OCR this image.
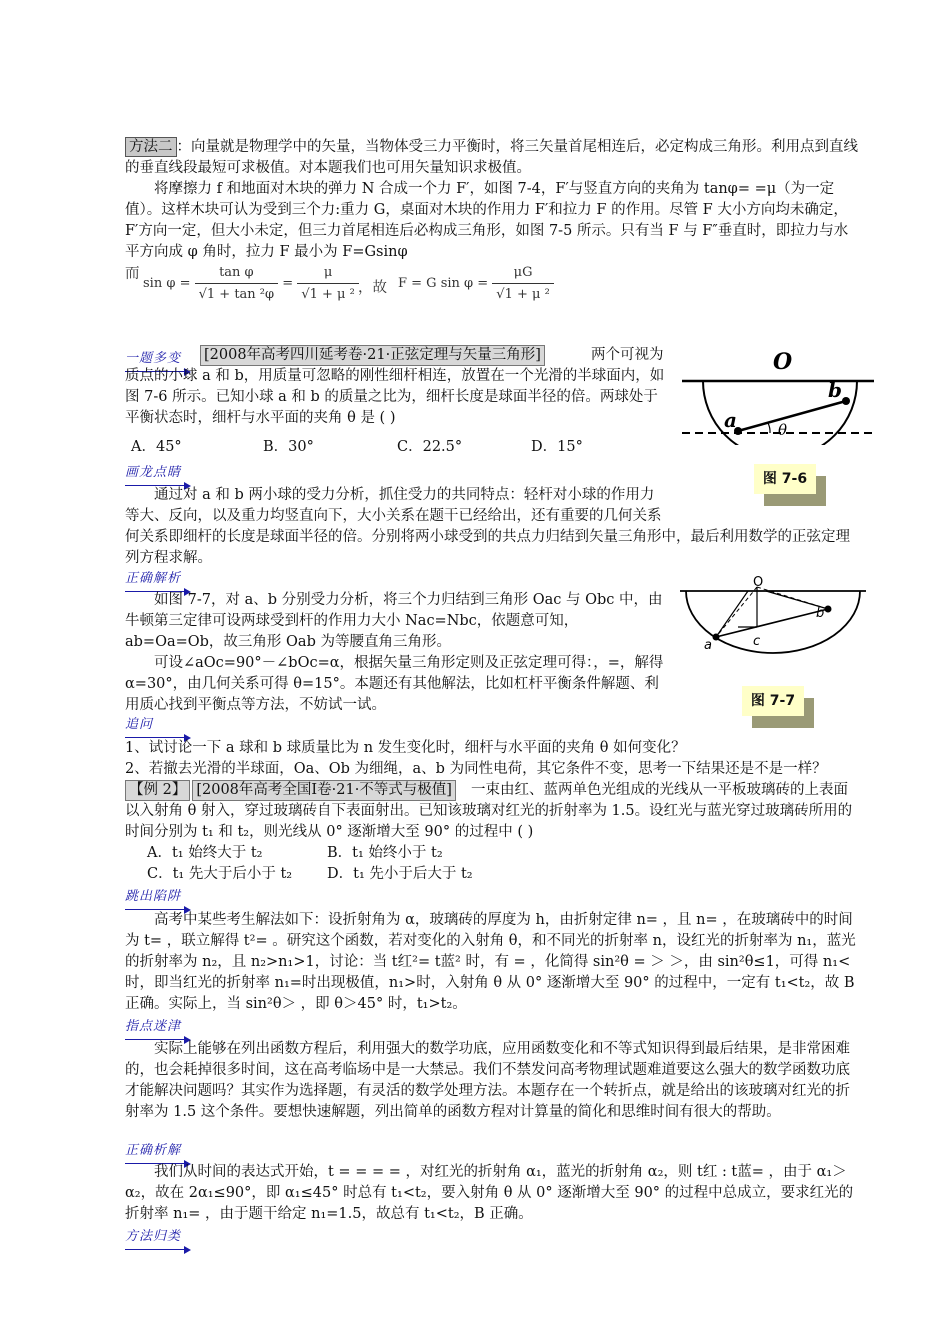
方法二 ：向量就是物理学中的矢量，当物体受三力平衡时，将三矢量首尾相连后，必定构成三角形。利用点到直线的垂直线段最短可求极值。对本题我们也可用矢量知识求极值。
将摩擦力 f 和地面对木块的弹力 N 合成一个力 F′，如图 7-4，F′与竖直方向的夹角为 tanφ= =μ（为一定值）。这样木块可认为受到三个力:重力 G，桌面对木块的作用力 F′和拉力 F 的作用。尽管 F 大小方向均未确定，F′方向一定，但大小未定，但三力首尾相连后必构成三角形，如图 7-5 所示。只有当 F 与 F″垂直时，即拉力与水平方向成 φ 角时，拉力 F 最小为 F=Gsinφ
而
$\sin \varphi = \frac{\text{tan φ}}{\text{√1 + tan ²φ}} = \frac{\mu}{\text{√1 + μ ²}}$ ，故 F = G $\sin \varphi = \frac{\mu G}{\text{√1 + μ ²}}$
一题多变	[2008年高考四川延考卷·21·正弦定理与矢量三角形]	两个可视为质点的小球 a 和 b，用质量可忽略的刚性细杆相连，放置在一个光滑的半球面内，如图 7-6 所示。已知小球 a 和 b 的质量之比为，细杆长度是球面半径的倍。两球处于平衡状态时，细杆与水平面的夹角 θ 是 ( )
A．45°	B．30°	C．22.5°	D．15°
O
a
b
θ
图 7-6
画龙点睛
通过对 a 和 b 两小球的受力分析，抓住受力的共同特点：轻杆对小球的作用力等大、反向，以及重力均竖直向下，大小关系在题干已经给出，还有重要的几何关系
何关系即细杆的长度是球面半径的倍。分别将两小球受到的共点力归结到矢量三角形中，最后利用数学的正弦定理列方程求解。
正确解析
如图 7-7，对 a、b 分别受力分析，将三个力归结到三角形 Oac 与 Obc 中，由牛顿第三定律可设两球受到杆的作用力大小 Nac=Nbc，依题意可知，ab=Oa=Ob，故三角形 Oab 为等腰直角三角形。
可设∠aOc=90°－∠bOc=α，根据矢量三角形定则及正弦定理可得：，=，解得 α=30°，由几何关系可得 θ=15°。本题还有其他解法，比如杠杆平衡条件解题、利用质心找到平衡点等方法，不妨试一试。
O
a
b
c
图 7-7
追问
1、试讨论一下 a 球和 b 球质量比为 n 发生变化时，细杆与水平面的夹角 θ 如何变化？
2、若撤去光滑的半球面，Oa、Ob 为细绳，a、b 为同性电荷，其它条件不变，思考一下结果还是不是一样？
【例 2】 [2008年高考全国Ⅰ卷·21·不等式与极值]	一束由红、蓝两单色光组成的光线从一平板玻璃砖的上表面以入射角 θ 射入，穿过玻璃砖自下表面射出。已知该玻璃对红光的折射率为 1.5。设红光与蓝光穿过玻璃砖所用的时间分别为 t₁ 和 t₂，则光线从 0° 逐渐增大至 90° 的过程中 ( )
A．t₁ 始终大于 t₂	B．t₁ 始终小于 t₂
C．t₁ 先大于后小于 t₂ D．t₁ 先小于后大于 t₂
跳出陷阱
高考中某些考生解法如下：设折射角为 α，玻璃砖的厚度为 h，由折射定律 n= ，且 n= ，在玻璃砖中的时间为 t= ，联立解得 t²= 。研究这个函数，若对变化的入射角 θ，和不同光的折射率 n，设红光的折射率为 n₁，蓝光的折射率为 n₂，且 n₂>n₁>1，讨论：当 t红²= t蓝² 时，有 = ，化简得 sin²θ = ＞ ＞，由 sin²θ≤1，可得 n₁<时，即当红光的折射率 n₁=时出现极值，n₁>时，入射角 θ 从 0° 逐渐增大至 90° 的过程中，一定有 t₁<t₂，故 B 正确。实际上，当 sin²θ＞ ，即 θ＞45° 时，t₁>t₂。
指点迷津
实际上能够在列出函数方程后，利用强大的数学功底，应用函数变化和不等式知识得到最后结果，是非常困难的，也会耗掉很多时间，这在高考临场中是一大禁忌。我们不禁发问高考物理试题难道要这么强大的数学函数功底才能解决问题吗？其实作为选择题，有灵活的数学处理方法。本题存在一个转折点，就是给出的该玻璃对红光的折射率为 1.5 这个条件。要想快速解题，列出简单的函数方程对计算量的简化和思维时间有很大的帮助。
正确析解
我们从时间的表达式开始，t = = = = ，对红光的折射角 α₁，蓝光的折射角 α₂，则 t红 : t蓝= ，由于 α₁＞α₂，故在 2α₁≤90°，即 α₁≤45° 时总有 t₁<t₂，要入射角 θ 从 0° 逐渐增大至 90° 的过程中总成立，要求红光的折射率 n₁= ，由于题干给定 n₁=1.5，故总有 t₁<t₂，B 正确。
方法归类
